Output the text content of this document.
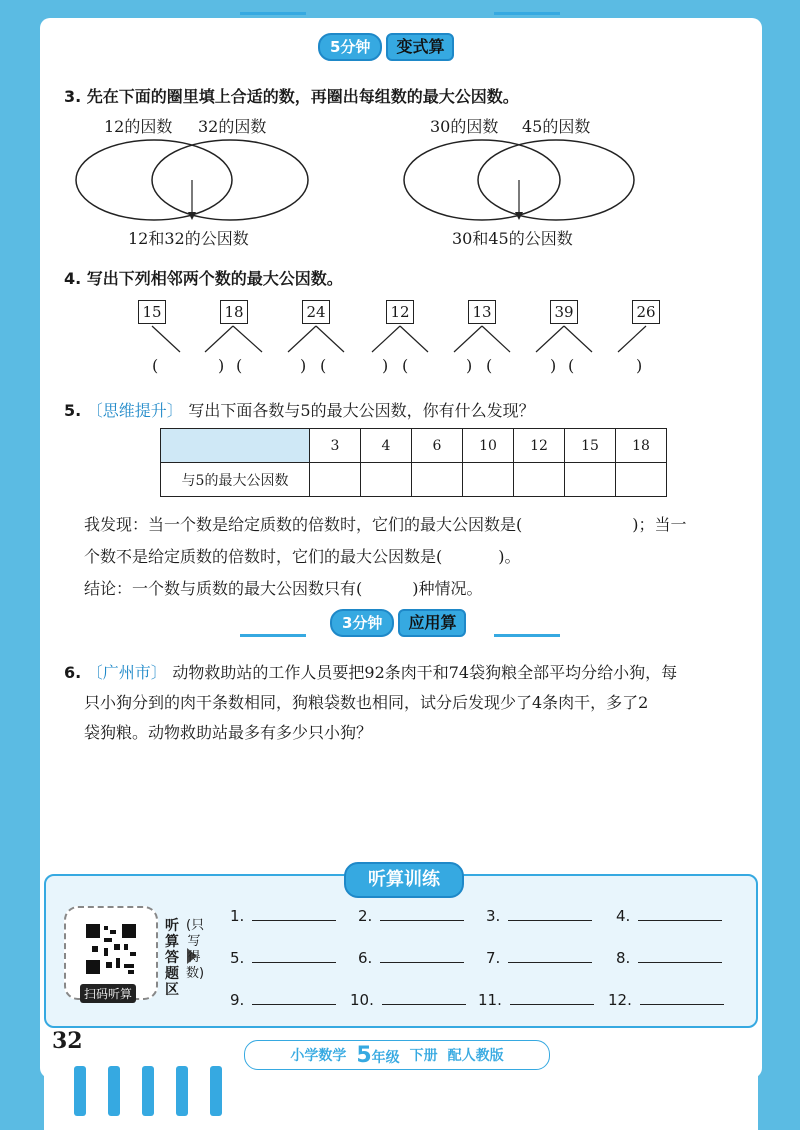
5分钟	变式算
3. 先在下面的圈里填上合适的数，再圈出每组数的最大公因数。
12的因数 32的因数	30的因数 45的因数
12和32的公因数	30和45的公因数
4. 写出下列相邻两个数的最大公因数。
15	18	24	12	13	39	26
(	) (	) (	) (	) (	) (	)
5. 〔思维提升〕 写出下面各数与5的最大公因数，你有什么发现？
	3	4	6	10	12	15	18
与5的最大公因数							
我发现：当一个数是给定质数的倍数时，它们的最大公因数是(	)；当一
个数不是给定质数的倍数时，它们的最大公因数是(	)。
结论：一个数与质数的最大公因数只有(	)种情况。
3分钟	应用算
6. 〔广州市〕 动物救助站的工作人员要把92条肉干和74袋狗粮全部平均分给小狗，每
只小狗分到的肉干条数相同，狗粮袋数也相同，试分后发现少了4条肉干，多了2
袋狗粮。动物救助站最多有多少只小狗？
听算训练
扫码听算
听算答题区
(只写得数)
1.	2.	3.	4.
5.	6.	7.	8.
9.	10.	11.	12.
32
小学数学 5年级 下册 配人教版
